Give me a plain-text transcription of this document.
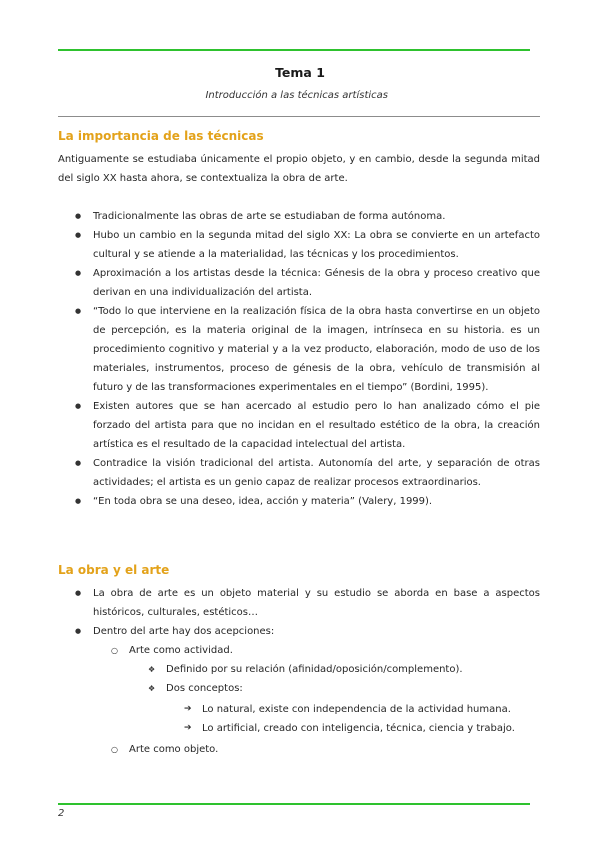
Tema 1
Introducción a las técnicas artísticas
La importancia de las técnicas
Antiguamente se estudiaba únicamente el propio objeto, y en cambio, desde la segunda mitad del siglo XX hasta ahora, se contextualiza la obra de arte.
● Tradicionalmente las obras de arte se estudiaban de forma autónoma.
● Hubo un cambio en la segunda mitad del siglo XX: La obra se convierte en un artefacto cultural y se atiende a la materialidad, las técnicas y los procedimientos.
● Aproximación a los artistas desde la técnica: Génesis de la obra y proceso creativo que derivan en una individualización del artista.
● “Todo lo que interviene en la realización física de la obra hasta convertirse en un objeto de percepción, es la materia original de la imagen, intrínseca en su historia. es un procedimiento cognitivo y material y a la vez producto, elaboración, modo de uso de los materiales, instrumentos, proceso de génesis de la obra, vehículo de transmisión al futuro y de las transformaciones experimentales en el tiempo” (Bordini, 1995).
● Existen autores que se han acercado al estudio pero lo han analizado cómo el pie forzado del artista para que no incidan en el resultado estético de la obra, la creación artística es el resultado de la capacidad intelectual del artista.
● Contradice la visión tradicional del artista. Autonomía del arte, y separación de otras actividades; el artista es un genio capaz de realizar procesos extraordinarios.
● “En toda obra se una deseo, idea, acción y materia” (Valery, 1999).
La obra y el arte
● La obra de arte es un objeto material y su estudio se aborda en base a aspectos históricos, culturales, estéticos…
● Dentro del arte hay dos acepciones:
○ Arte como actividad.
❖ Definido por su relación (afinidad/oposición/complemento).
❖ Dos conceptos:
➔ Lo natural, existe con independencia de la actividad humana.
➔ Lo artificial, creado con inteligencia, técnica, ciencia y trabajo.
○ Arte como objeto.
2
